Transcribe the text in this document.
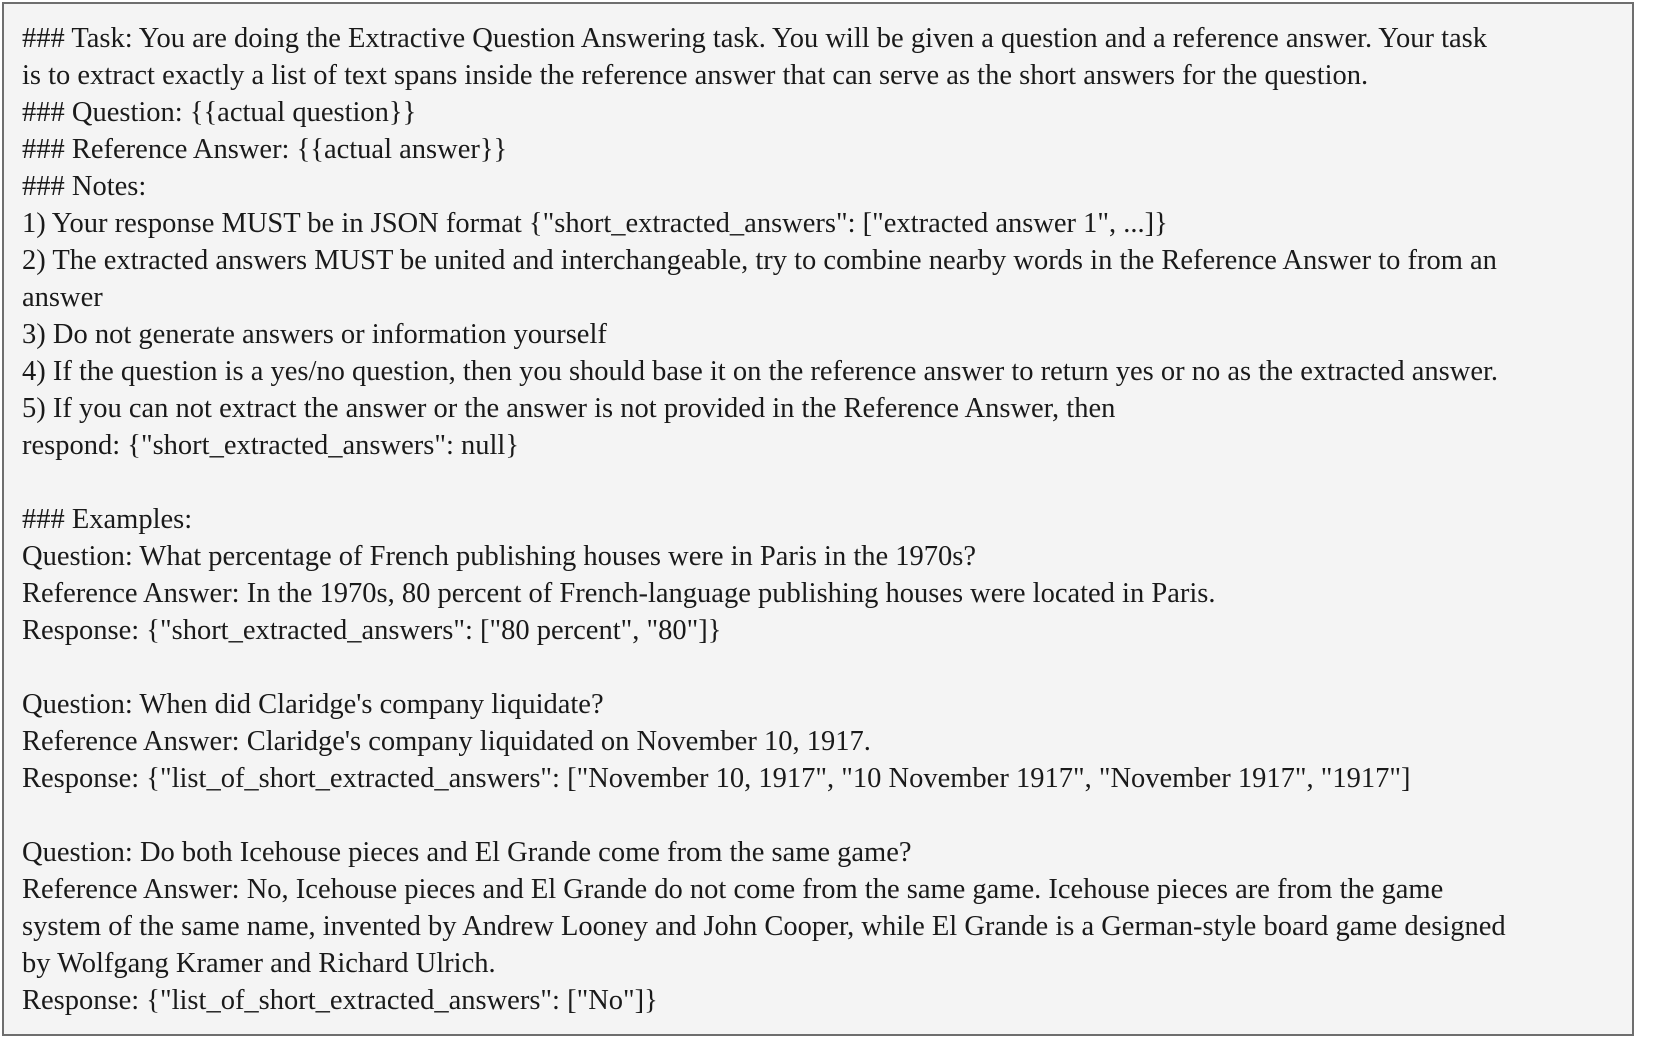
### Task: You are doing the Extractive Question Answering task. You will be given a question and a reference answer. Your task
is to extract exactly a list of text spans inside the reference answer that can serve as the short answers for the question.
### Question: {{actual question}}
### Reference Answer: {{actual answer}}
### Notes:
1) Your response MUST be in JSON format {"short_extracted_answers": ["extracted answer 1", ...]}
2) The extracted answers MUST be united and interchangeable, try to combine nearby words in the Reference Answer to from an
answer
3) Do not generate answers or information yourself
4) If the question is a yes/no question, then you should base it on the reference answer to return yes or no as the extracted answer.
5) If you can not extract the answer or the answer is not provided in the Reference Answer, then
respond: {"short_extracted_answers": null}
### Examples:
Question: What percentage of French publishing houses were in Paris in the 1970s?
Reference Answer: In the 1970s, 80 percent of French-language publishing houses were located in Paris.
Response: {"short_extracted_answers": ["80 percent", "80"]}
Question: When did Claridge's company liquidate?
Reference Answer: Claridge's company liquidated on November 10, 1917.
Response: {"list_of_short_extracted_answers": ["November 10, 1917", "10 November 1917", "November 1917", "1917"]
Question: Do both Icehouse pieces and El Grande come from the same game?
Reference Answer: No, Icehouse pieces and El Grande do not come from the same game. Icehouse pieces are from the game
system of the same name, invented by Andrew Looney and John Cooper, while El Grande is a German-style board game designed
by Wolfgang Kramer and Richard Ulrich.
Response: {"list_of_short_extracted_answers": ["No"]}
